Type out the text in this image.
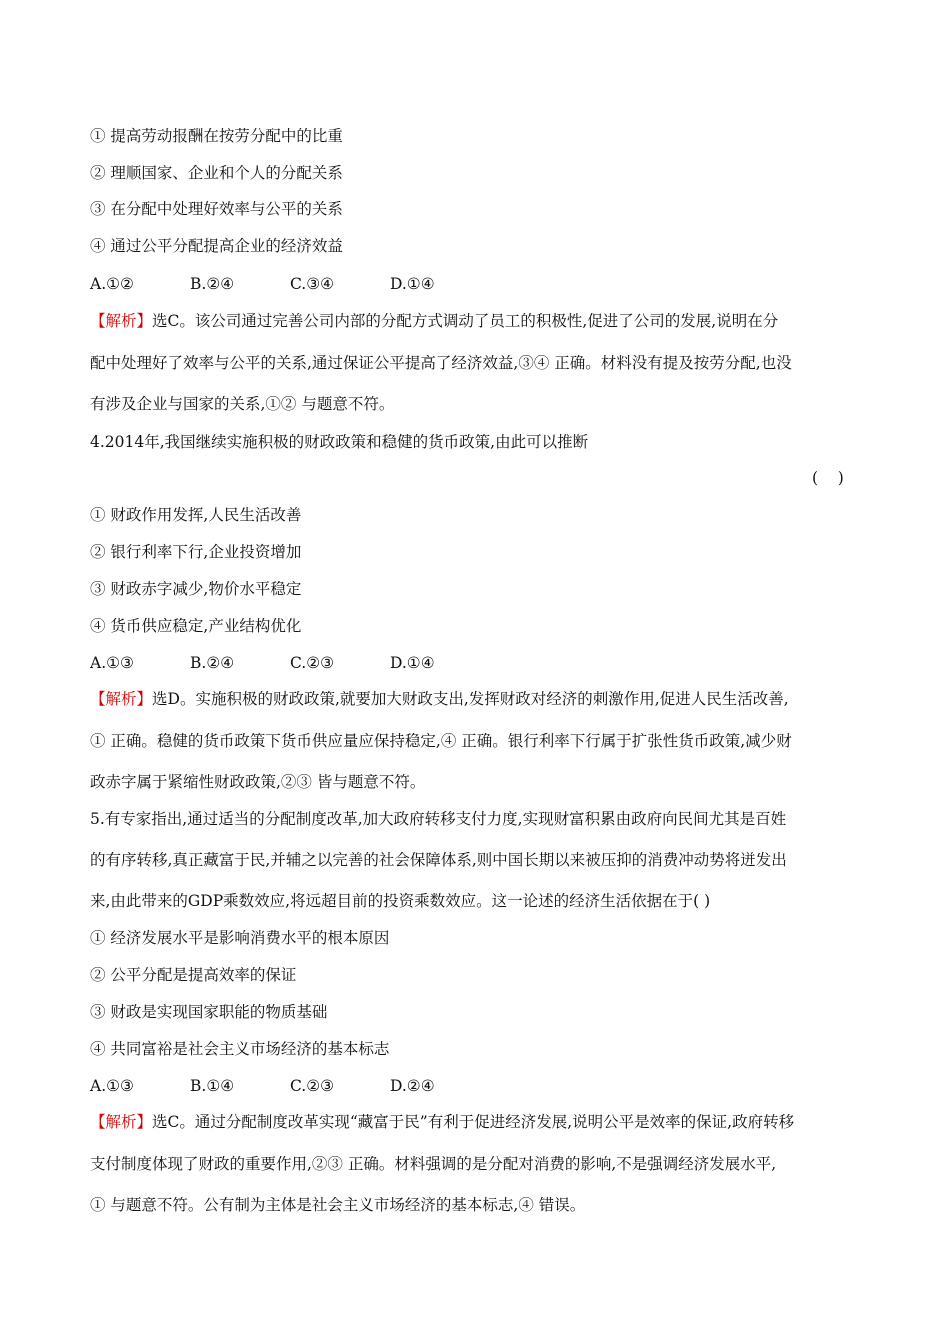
① 提高劳动报酬在按劳分配中的比重
② 理顺国家、企业和个人的分配关系
③ 在分配中处理好效率与公平的关系
④ 通过公平分配提高企业的经济效益
A.①②	B.②④	C.③④	D.①④
【解析】选C。该公司通过完善公司内部的分配方式调动了员工的积极性,促进了公司的发展,说明在分
配中处理好了效率与公平的关系,通过保证公平提高了经济效益,③④ 正确。材料没有提及按劳分配,也没
有涉及企业与国家的关系,①② 与题意不符。
4.2014年,我国继续实施积极的财政政策和稳健的货币政策,由此可以推断
(    )
① 财政作用发挥,人民生活改善
② 银行利率下行,企业投资增加
③ 财政赤字减少,物价水平稳定
④ 货币供应稳定,产业结构优化
A.①③	B.②④	C.②③	D.①④
【解析】选D。实施积极的财政政策,就要加大财政支出,发挥财政对经济的刺激作用,促进人民生活改善,
① 正确。稳健的货币政策下货币供应量应保持稳定,④ 正确。银行利率下行属于扩张性货币政策,减少财
政赤字属于紧缩性财政政策,②③ 皆与题意不符。
5.有专家指出,通过适当的分配制度改革,加大政府转移支付力度,实现财富积累由政府向民间尤其是百姓
的有序转移,真正藏富于民,并辅之以完善的社会保障体系,则中国长期以来被压抑的消费冲动势将迸发出
来,由此带来的GDP乘数效应,将远超目前的投资乘数效应。这一论述的经济生活依据在于( )
① 经济发展水平是影响消费水平的根本原因
② 公平分配是提高效率的保证
③ 财政是实现国家职能的物质基础
④ 共同富裕是社会主义市场经济的基本标志
A.①③	B.①④	C.②③	D.②④
【解析】选C。通过分配制度改革实现“藏富于民”有利于促进经济发展,说明公平是效率的保证,政府转移
支付制度体现了财政的重要作用,②③ 正确。材料强调的是分配对消费的影响,不是强调经济发展水平,
① 与题意不符。公有制为主体是社会主义市场经济的基本标志,④ 错误。
